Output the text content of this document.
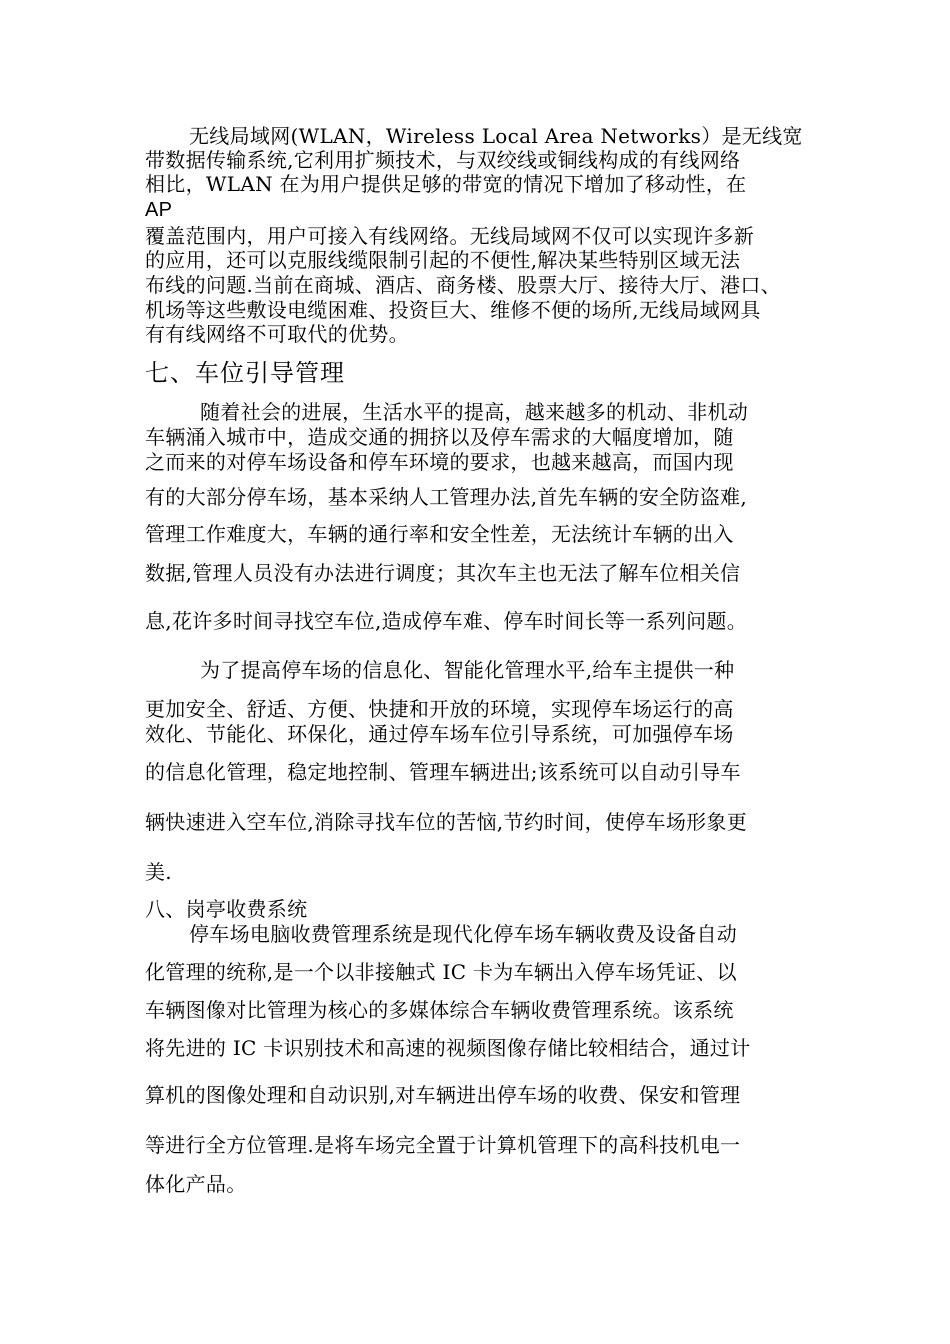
无线局域网(WLAN，Wireless Local Area Networks）是无线宽
带数据传输系统,它利用扩频技术，与双绞线或铜线构成的有线网络
相比，WLAN 在为用户提供足够的带宽的情况下增加了移动性，在
AP
覆盖范围内，用户可接入有线网络。无线局域网不仅可以实现许多新
的应用，还可以克服线缆限制引起的不便性,解决某些特别区域无法
布线的问题.当前在商城、酒店、商务楼、股票大厅、接待大厅、港口、
机场等这些敷设电缆困难、投资巨大、维修不便的场所,无线局域网具
有有线网络不可取代的优势。
七、车位引导管理
随着社会的进展，生活水平的提高，越来越多的机动、非机动
车辆涌入城市中，造成交通的拥挤以及停车需求的大幅度增加，随
之而来的对停车场设备和停车环境的要求，也越来越高，而国内现
有的大部分停车场，基本采纳人工管理办法,首先车辆的安全防盗难,
管理工作难度大，车辆的通行率和安全性差，无法统计车辆的出入
数据,管理人员没有办法进行调度；其次车主也无法了解车位相关信
息,花许多时间寻找空车位,造成停车难、停车时间长等一系列问题。
为了提高停车场的信息化、智能化管理水平,给车主提供一种
更加安全、舒适、方便、快捷和开放的环境，实现停车场运行的高
效化、节能化、环保化，通过停车场车位引导系统，可加强停车场
的信息化管理，稳定地控制、管理车辆进出;该系统可以自动引导车
辆快速进入空车位,消除寻找车位的苦恼,节约时间，使停车场形象更
美.
八、岗亭收费系统
停车场电脑收费管理系统是现代化停车场车辆收费及设备自动
化管理的统称,是一个以非接触式 IC 卡为车辆出入停车场凭证、以
车辆图像对比管理为核心的多媒体综合车辆收费管理系统。该系统
将先进的 IC 卡识别技术和高速的视频图像存储比较相结合，通过计
算机的图像处理和自动识别,对车辆进出停车场的收费、保安和管理
等进行全方位管理.是将车场完全置于计算机管理下的高科技机电一
体化产品。
